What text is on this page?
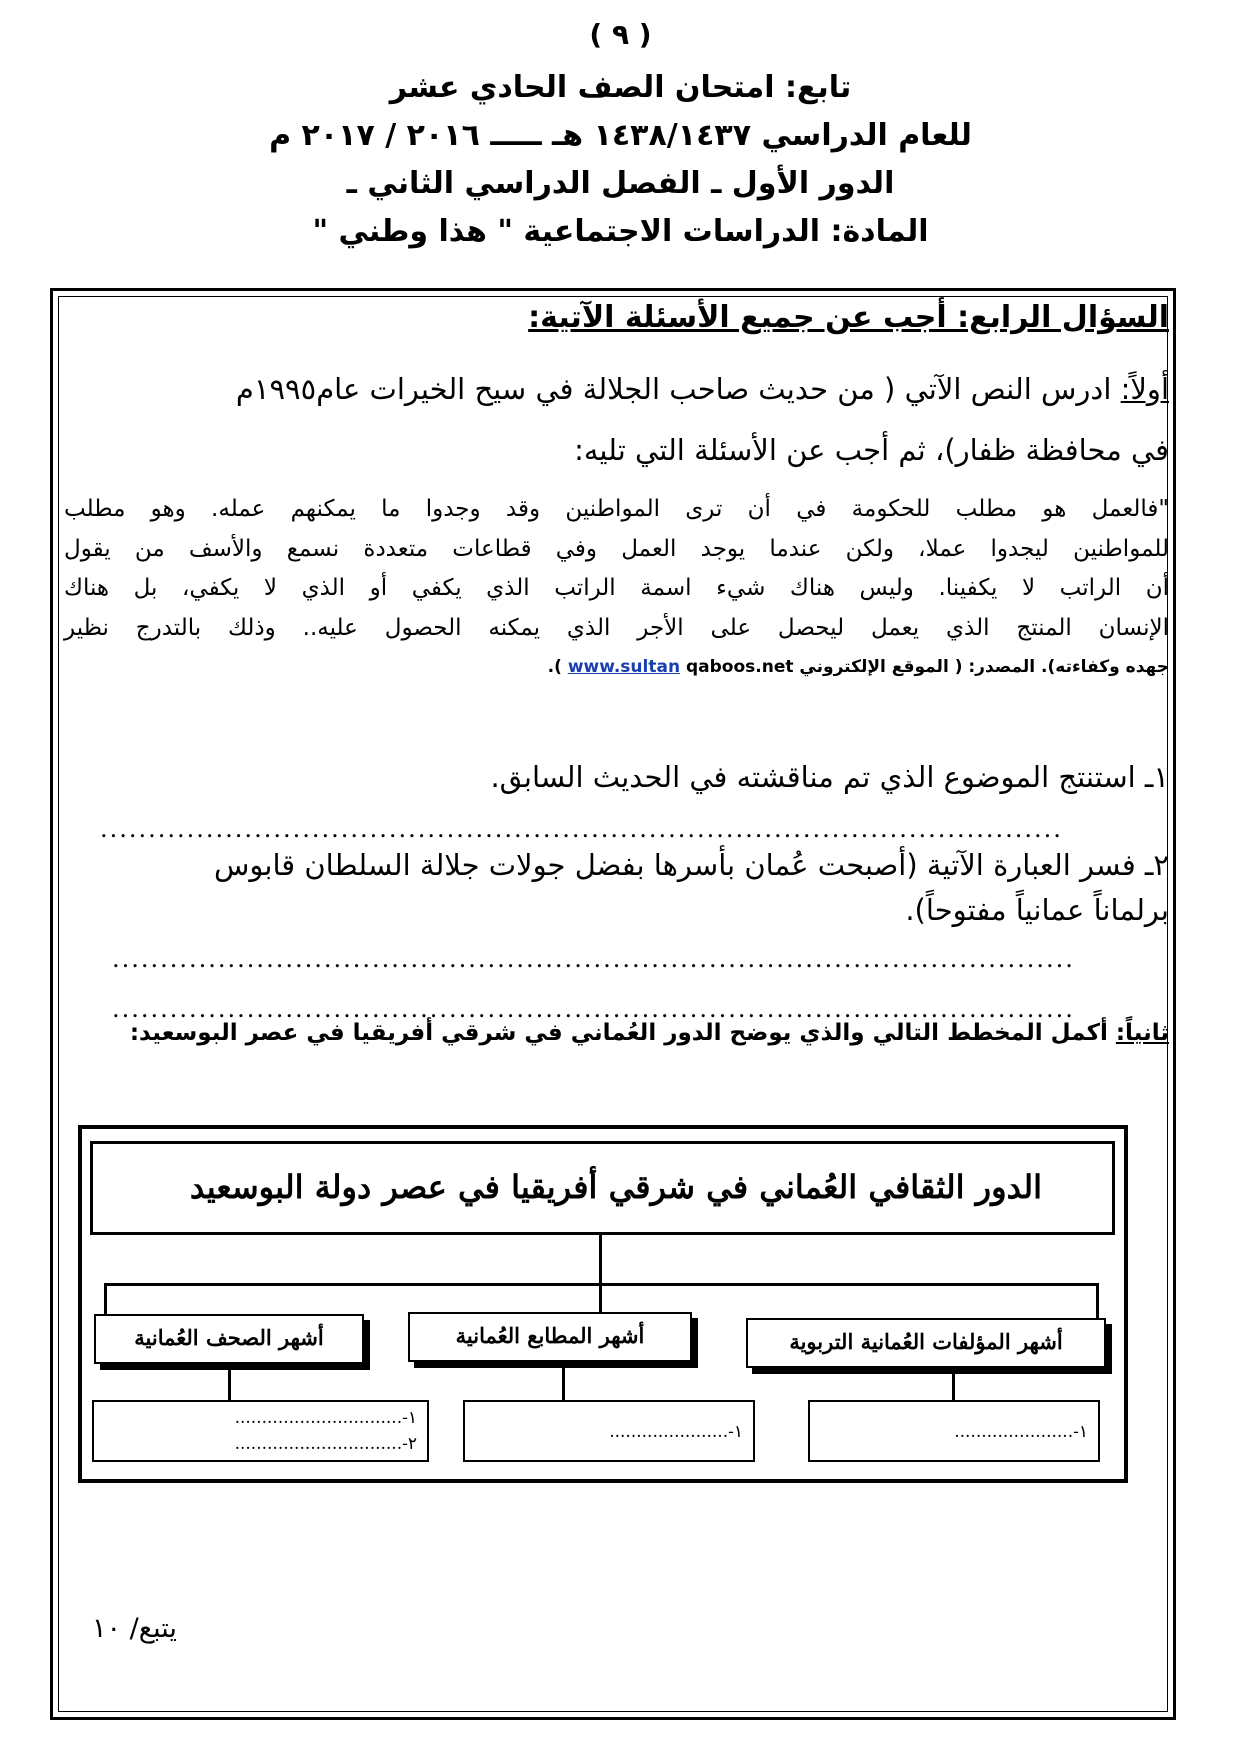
( ٩ )
تابع: امتحان الصف الحادي عشر
للعام الدراسي ١٤٣٨/١٤٣٧ هـ ـــــ ٢٠١٦ / ٢٠١٧ م
الدور الأول ـ الفصل الدراسي الثاني ـ
المادة: الدراسات الاجتماعية " هذا وطني "
السؤال الرابع: أجب عن جميع الأسئلة الآتية:
أولاً: ادرس النص الآتي ( من حديث صاحب الجلالة في سيح الخيرات عام١٩٩٥م
في محافظة ظفار)، ثم أجب عن الأسئلة التي تليه:
"فالعمل هو مطلب للحكومة في أن ترى المواطنين وقد وجدوا ما يمكنهم عمله. وهو مطلب
للمواطنين ليجدوا عملا، ولكن عندما يوجد العمل وفي قطاعات متعددة نسمع والأسف من يقول
أن الراتب لا يكفينا. وليس هناك شيء اسمة الراتب الذي يكفي أو الذي لا يكفي، بل هناك
الإنسان المنتج الذي يعمل ليحصل على الأجر الذي يمكنه الحصول عليه.. وذلك بالتدرج نظير
جهده وكفاءته). المصدر: ( الموقع الإلكتروني qaboos.net www.sultan ).
١ـ استنتج الموضوع الذي تم مناقشته في الحديث السابق.
....................................................................................................
٢ـ فسر العبارة الآتية (أصبحت عُمان بأسرها بفضل جولات جلالة السلطان قابوس
برلماناً عمانياً مفتوحاً).
....................................................................................................
....................................................................................................
ثانياً: أكمل المخطط التالي والذي يوضح الدور العُماني في شرقي أفريقيا في عصر البوسعيد:
الدور الثقافي العُماني في شرقي أفريقيا في عصر دولة البوسعيد
أشهر المؤلفات العُمانية التربوية
أشهر المطابع العُمانية
أشهر الصحف العُمانية
١-......................
١-......................
١-...............................
٢-...............................
يتبع/ ١٠
